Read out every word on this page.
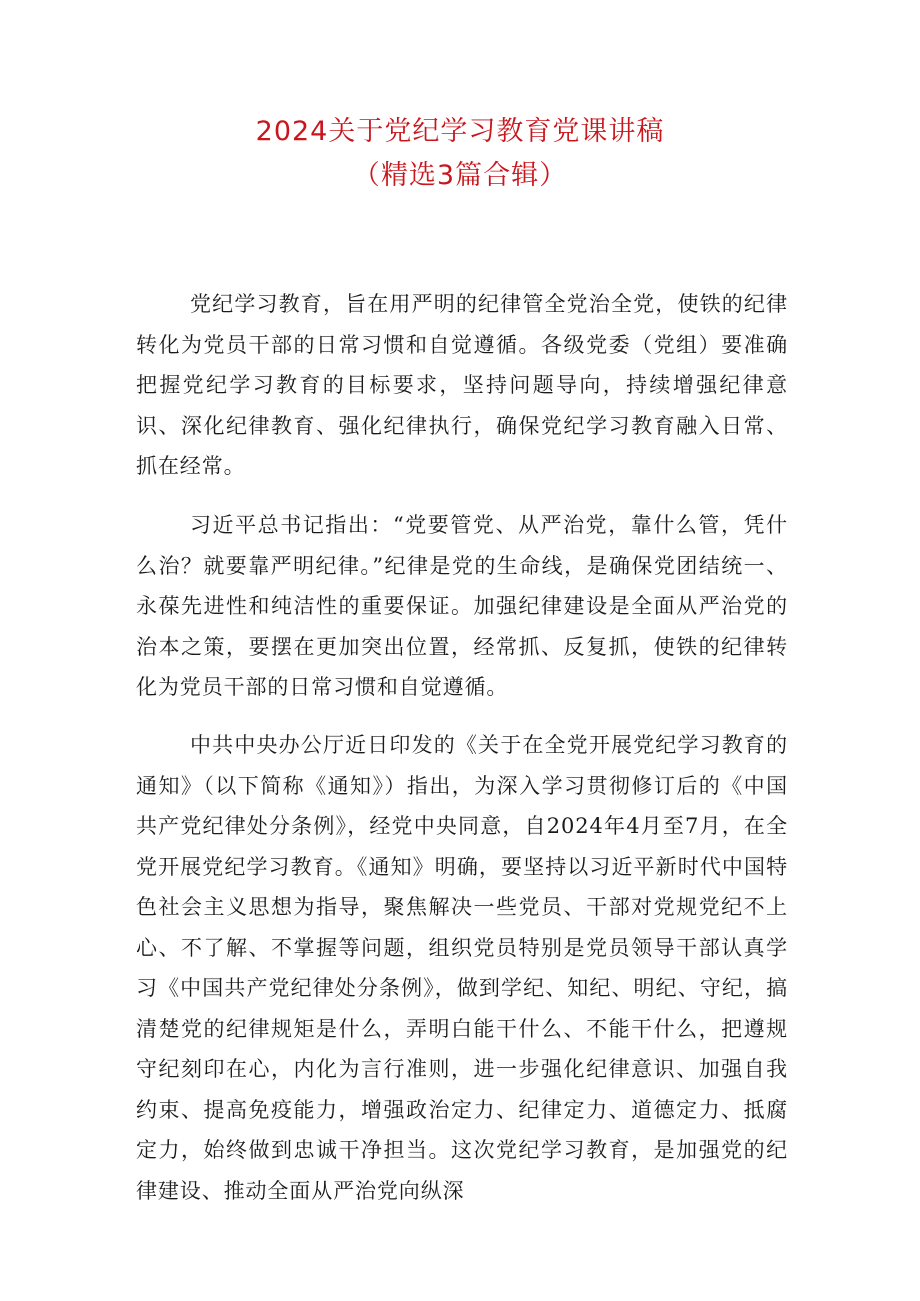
2024关于党纪学习教育党课讲稿
（精选3篇合辑）

党纪学习教育，旨在用严明的纪律管全党治全党，使铁的纪律转化为党员干部的日常习惯和自觉遵循。各级党委（党组）要准确把握党纪学习教育的目标要求，坚持问题导向，持续增强纪律意识、深化纪律教育、强化纪律执行，确保党纪学习教育融入日常、抓在经常。

习近平总书记指出：“党要管党、从严治党，靠什么管，凭什么治？就要靠严明纪律。”纪律是党的生命线，是确保党团结统一、永葆先进性和纯洁性的重要保证。加强纪律建设是全面从严治党的治本之策，要摆在更加突出位置，经常抓、反复抓，使铁的纪律转化为党员干部的日常习惯和自觉遵循。

中共中央办公厅近日印发的《关于在全党开展党纪学习教育的通知》（以下简称《通知》）指出，为深入学习贯彻修订后的《中国共产党纪律处分条例》，经党中央同意，自2024年4月至7月，在全党开展党纪学习教育。《通知》明确，要坚持以习近平新时代中国特色社会主义思想为指导，聚焦解决一些党员、干部对党规党纪不上心、不了解、不掌握等问题，组织党员特别是党员领导干部认真学习《中国共产党纪律处分条例》，做到学纪、知纪、明纪、守纪，搞清楚党的纪律规矩是什么，弄明白能干什么、不能干什么，把遵规守纪刻印在心，内化为言行准则，进一步强化纪律意识、加强自我约束、提高免疫能力，增强政治定力、纪律定力、道德定力、抵腐定力，始终做到忠诚干净担当。这次党纪学习教育，是加强党的纪律建设、推动全面从严治党向纵深
